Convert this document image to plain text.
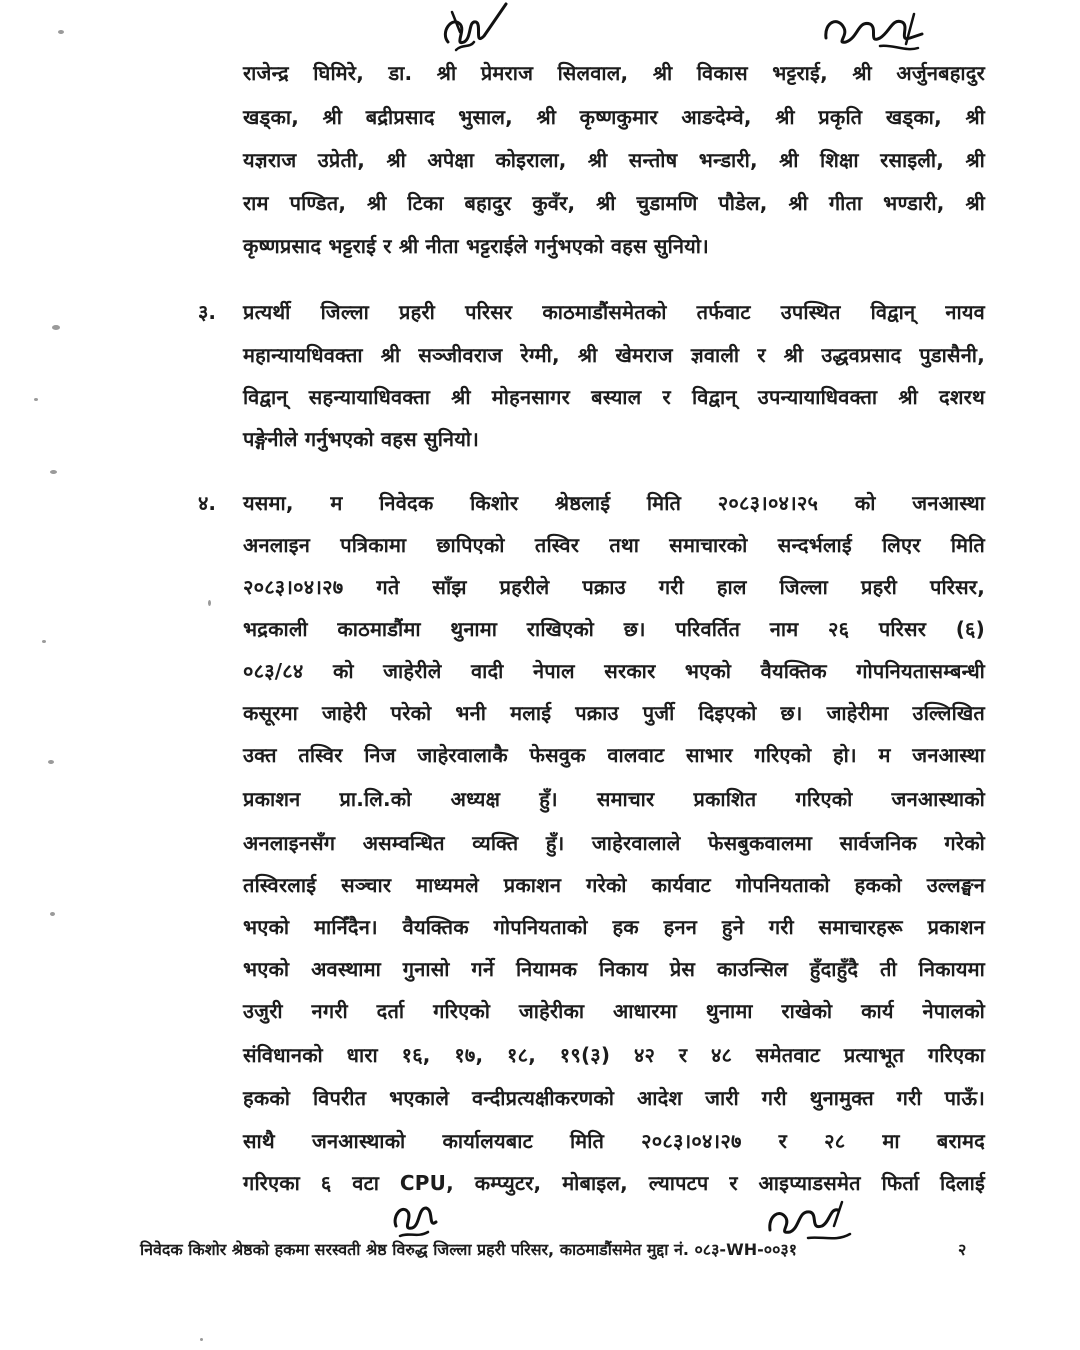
राजेन्द्र घिमिरे, डा. श्री प्रेमराज सिलवाल, श्री विकास भट्टराई, श्री अर्जुनबहादुर
खड्का, श्री बद्रीप्रसाद भुसाल, श्री कृष्णकुमार आङदेम्वे, श्री प्रकृति खड्का, श्री
यज्ञराज उप्रेती, श्री अपेक्षा कोइराला, श्री सन्तोष भन्डारी, श्री शिक्षा रसाइली, श्री
राम पण्डित, श्री टिका बहादुर कुवँर, श्री चुडामणि पौडेल, श्री गीता भण्डारी, श्री
कृष्णप्रसाद भट्टराई र श्री नीता भट्टराईले गर्नुभएको वहस सुनियो।
३.	प्रत्यर्थी जिल्ला प्रहरी परिसर काठमाडौंसमेतको तर्फवाट उपस्थित विद्वान् नायव
महान्यायधिवक्ता श्री सञ्जीवराज रेग्मी, श्री खेमराज ज्ञवाली र श्री उद्धवप्रसाद पुडासैनी,
विद्वान् सहन्यायाधिवक्ता श्री मोहनसागर बस्याल र विद्वान् उपन्यायाधिवक्ता श्री दशरथ
पङ्गेनीले गर्नुभएको वहस सुनियो।
४.	यसमा, म निवेदक किशोर श्रेष्ठलाई मिति २०८३।०४।२५ को जनआस्था
अनलाइन पत्रिकामा छापिएको तस्विर तथा समाचारको सन्दर्भलाई लिएर मिति
२०८३।०४।२७ गते साँझ प्रहरीले पक्राउ गरी हाल जिल्ला प्रहरी परिसर,
भद्रकाली काठमाडौंमा थुनामा राखिएको छ। परिवर्तित नाम २६ परिसर (६)
०८३/८४ को जाहेरीले वादी नेपाल सरकार भएको वैयक्तिक गोपनियतासम्बन्धी
कसूरमा जाहेरी परेको भनी मलाई पक्राउ पुर्जी दिइएको छ। जाहेरीमा उल्लिखित
उक्त तस्विर निज जाहेरवालाकै फेसवुक वालवाट साभार गरिएको हो। म जनआस्था
प्रकाशन प्रा.लि.को अध्यक्ष हुँ। समाचार प्रकाशित गरिएको जनआस्थाको
अनलाइनसँग असम्वन्धित व्यक्ति हुँ। जाहेरवालाले फेसबुकवालमा सार्वजनिक गरेको
तस्विरलाई सञ्चार माध्यमले प्रकाशन गरेको कार्यवाट गोपनियताको हकको उल्लङ्घन
भएको मानिँदैन। वैयक्तिक गोपनियताको हक हनन हुने गरी समाचारहरू प्रकाशन
भएको अवस्थामा गुनासो गर्ने नियामक निकाय प्रेस काउन्सिल हुँदाहुँदै ती निकायमा
उजुरी नगरी दर्ता गरिएको जाहेरीका आधारमा थुनामा राखेको कार्य नेपालको
संविधानको धारा १६, १७, १८, १९(३) ४२ र ४८ समेतवाट प्रत्याभूत गरिएका
हकको विपरीत भएकाले वन्दीप्रत्यक्षीकरणको आदेश जारी गरी थुनामुक्त गरी पाऊँ।
साथै जनआस्थाको कार्यालयबाट मिति २०८३।०४।२७ र २८ मा बरामद
गरिएका ६ वटा CPU, कम्प्युटर, मोबाइल, ल्यापटप र आइप्याडसमेत फिर्ता दिलाई
निवेदक किशोर श्रेष्ठको हकमा सरस्वती श्रेष्ठ विरुद्ध जिल्ला प्रहरी परिसर, काठमाडौंसमेत मुद्दा नं. ०८३-WH-००३१	२
